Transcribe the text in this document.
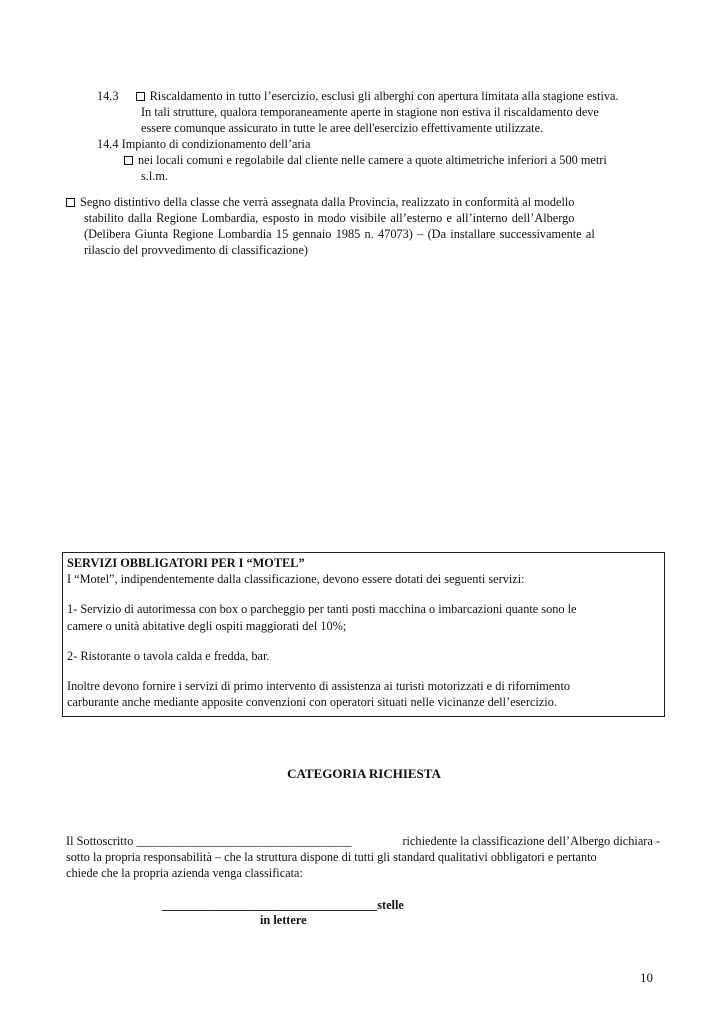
14.3	Riscaldamento in tutto l’esercizio, esclusi gli alberghi con apertura limitata alla stagione estiva.
In tali strutture, qualora temporaneamente aperte in stagione non estiva il riscaldamento deve
essere comunque assicurato in tutte le aree dell'esercizio effettivamente utilizzate.
14.4 Impianto di condizionamento dell’aria
nei locali comuni e regolabile dal cliente nelle camere a quote altimetriche inferiori a 500 metri
s.l.m.
Segno distintivo della classe che verrà assegnata dalla Provincia, realizzato in conformità al modello
stabilito dalla Regione Lombardia, esposto in modo visibile all’esterno e all’interno dell’Albergo
(Delibera Giunta Regione Lombardia 15 gennaio 1985 n. 47073) – (Da installare successivamente al
rilascio del provvedimento di classificazione)

SERVIZI OBBLIGATORI PER I “MOTEL”

I “Motel”, indipendentemente dalla classificazione, devono essere dotati dei seguenti servizi:

1- Servizio di autorimessa con box o parcheggio per tanti posti macchina o imbarcazioni quante sono le

camere o unità abitative degli ospiti maggiorati del 10%;

2- Ristorante o tavola calda e fredda, bar.

Inoltre devono fornire i servizi di primo intervento di assistenza ai turisti motorizzati e di rifornimento

carburante anche mediante apposite convenzioni con operatori situati nelle vicinanze dell’esercizio.

CATEGORIA RICHIESTA
Il Sottoscritto ___________________________________	richiedente la classificazione dell’Albergo dichiara -
sotto la propria responsabilità – che la struttura dispone di tutti gli standard qualitativi obbligatori e pertanto
chiede che la propria azienda venga classificata:
___________________________________stelle
in lettere
10
